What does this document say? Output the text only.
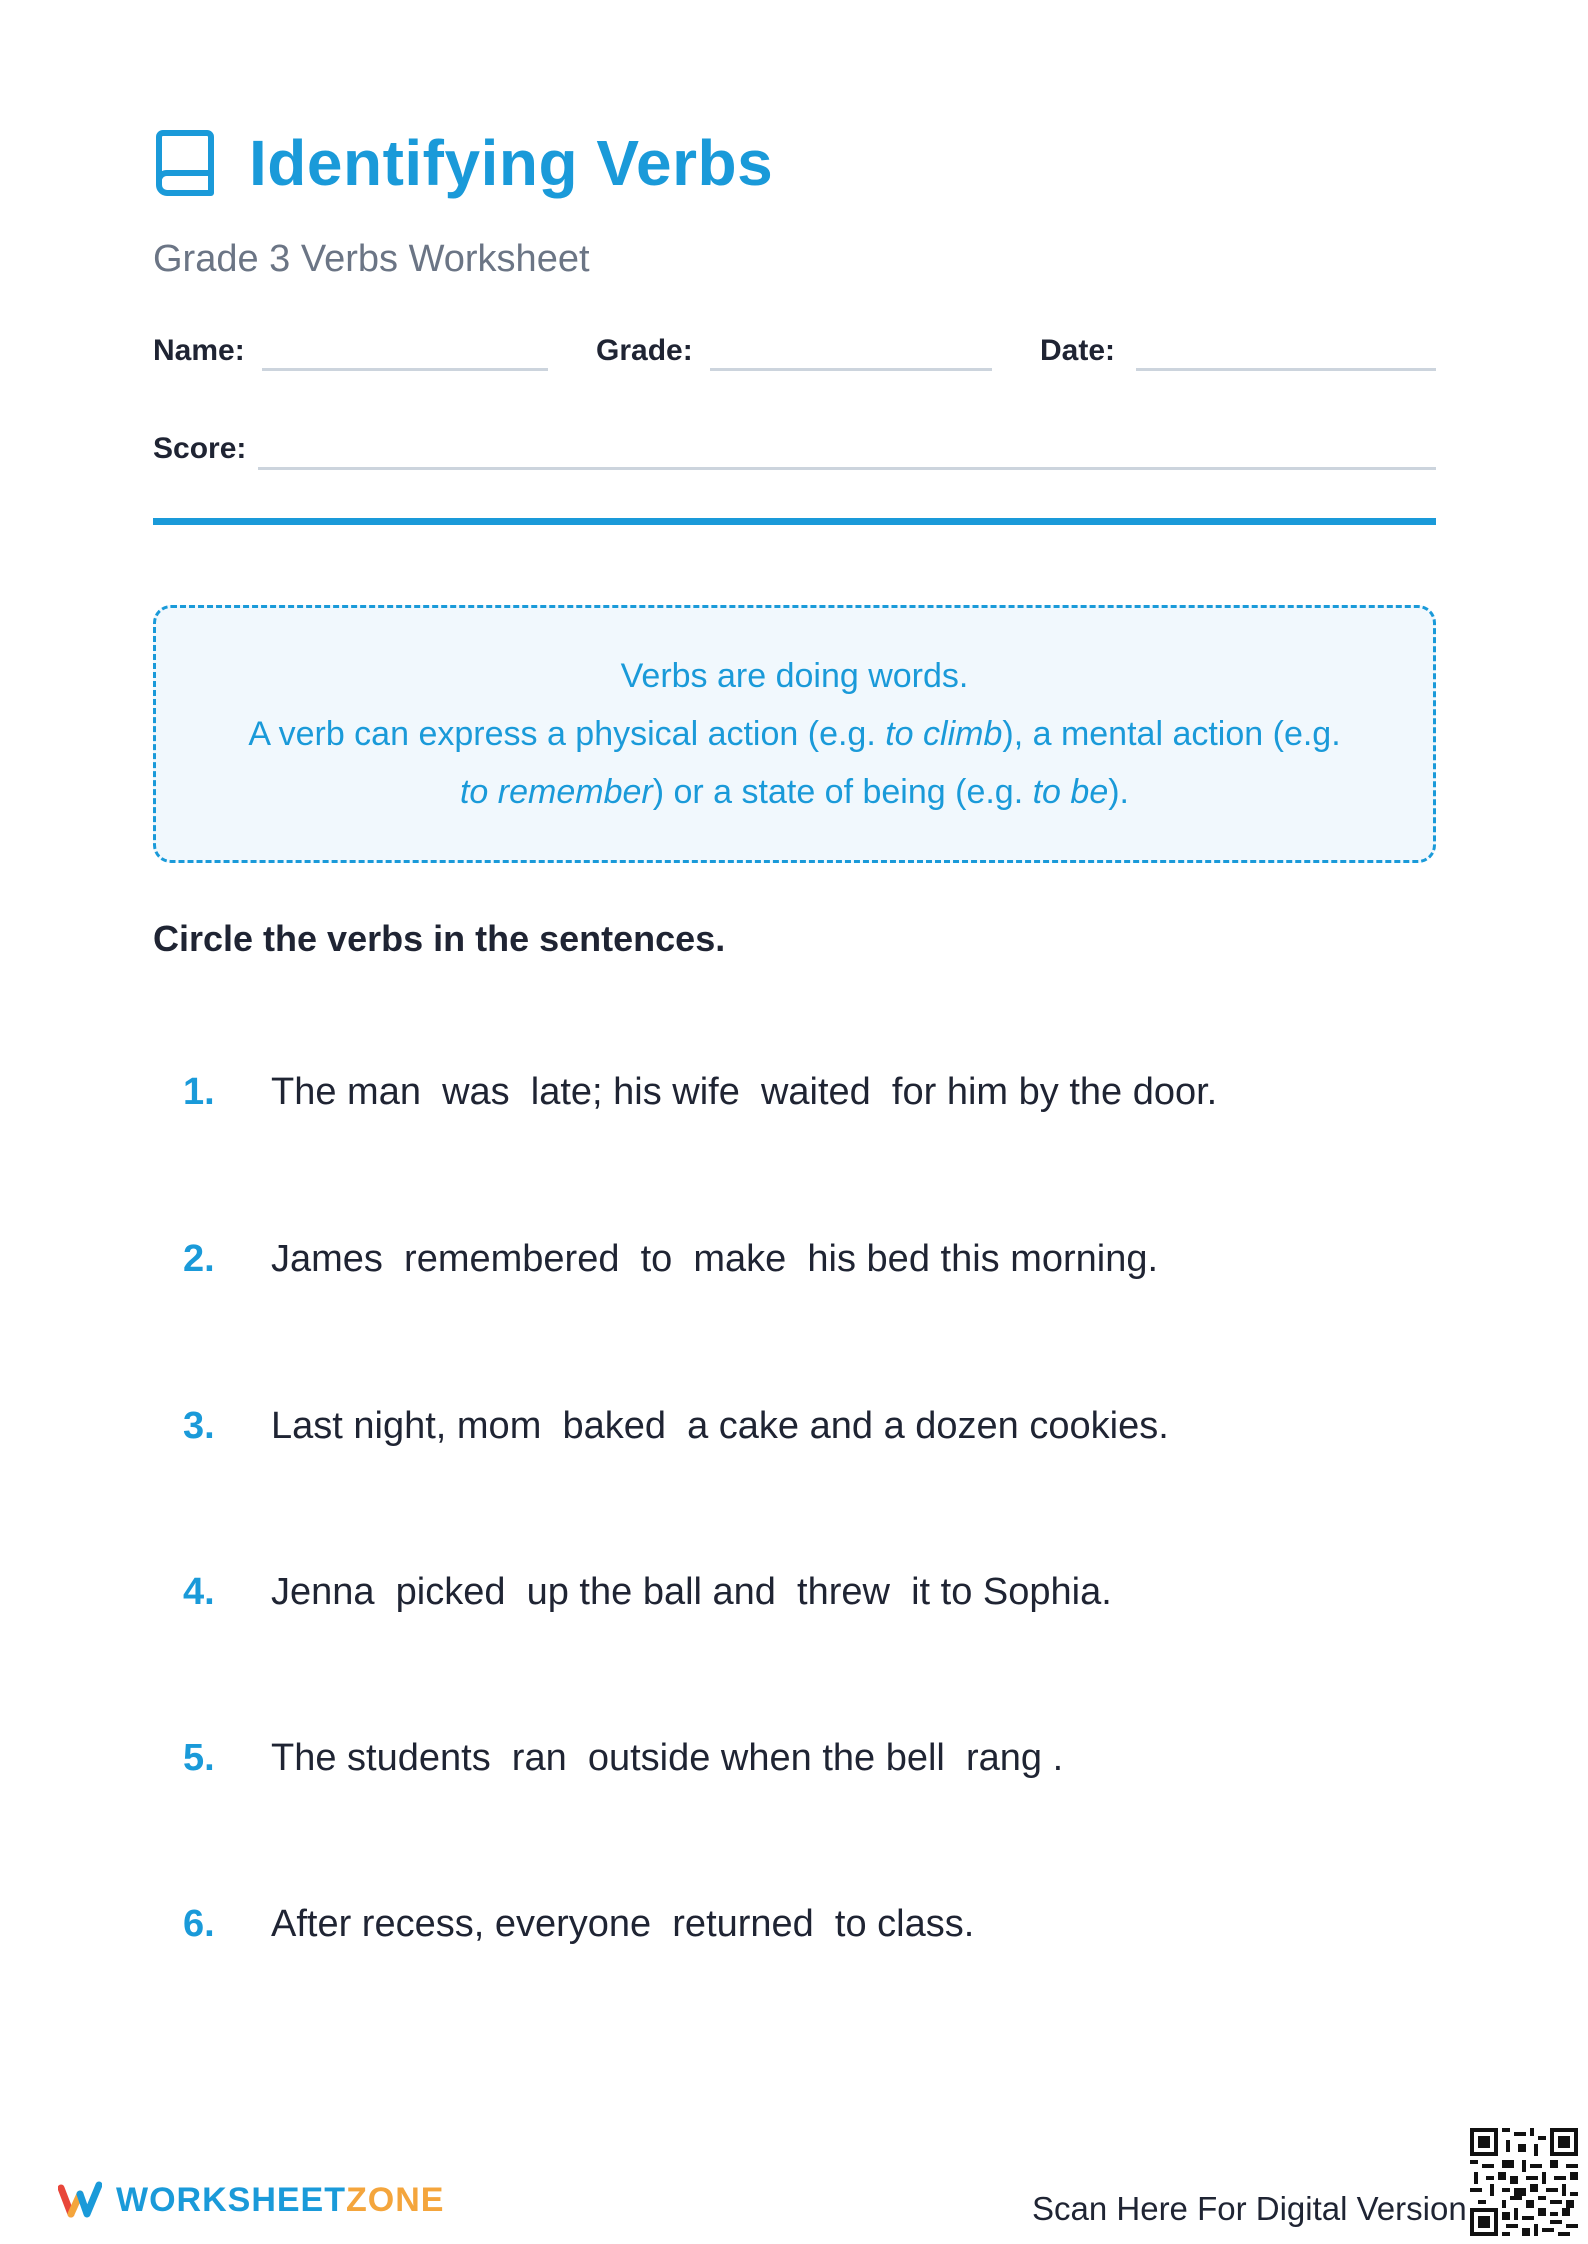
Identifying Verbs
Grade 3 Verbs Worksheet
Name:	Grade:	Date:
Score:
Verbs are doing words.
A verb can express a physical action (e.g. to climb), a mental action (e.g.
to remember) or a state of being (e.g. to be).
Circle the verbs in the sentences.
1.	The man  was  late; his wife  waited  for him by the door.
2.	James  remembered  to  make  his bed this morning.
3.	Last night, mom  baked  a cake and a dozen cookies.
4.	Jenna  picked  up the ball and  threw  it to Sophia.
5.	The students  ran  outside when the bell  rang .
6.	After recess, everyone  returned  to class.
WORKSHEETZONE	Scan Here For Digital Version
